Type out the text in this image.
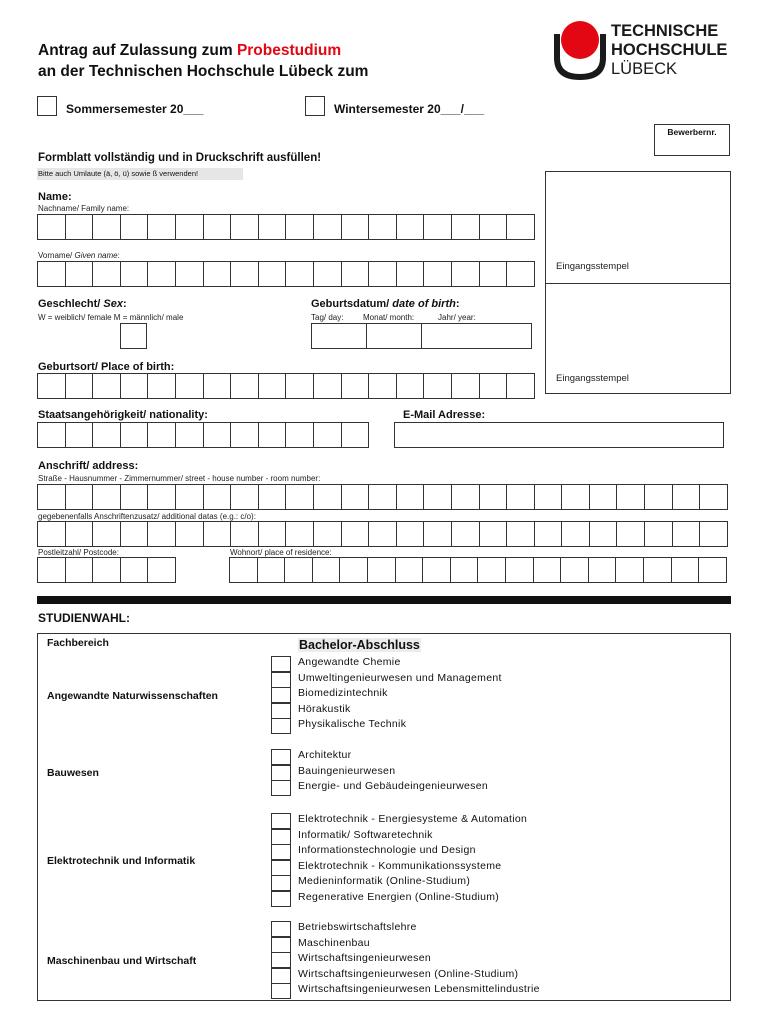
Antrag auf Zulassung zum Probestudium
an der Technischen Hochschule Lübeck zum
TECHNISCHE
HOCHSCHULE
LÜBECK
Sommersemester 20___	Wintersemester 20___/___
Bewerbernr.
Formblatt vollständig und in Druckschrift ausfüllen!
Bitte auch Umlaute (ä, ö, ü) sowie ß verwenden!
Eingangsstempel
Eingangsstempel
Name:
Nachname/ Family name:
Vorname/ Given name:
Geschlecht/ Sex:
W = weiblich/ female M = männlich/ male
Geburtsdatum/ date of birth:
Tag/ day: Monat/ month:	Jahr/ year:
Geburtsort/ Place of birth:
Staatsangehörigkeit/ nationality:	E-Mail Adresse:
Anschrift/ address:
Straße - Hausnummer - Zimmernummer/ street - house number - room number:
gegebenenfalls Anschriftenzusatz/ additional datas (e.g.: c/o):
Postleitzahl/ Postcode:	Wohnort/ place of residence:
STUDIENWAHL:
Fachbereich	Bachelor-Abschluss
Angewandte Naturwissenschaften
Angewandte Chemie
Umweltingenieurwesen und Management
Biomedizintechnik
Hörakustik
Physikalische Technik
Bauwesen
Architektur
Bauingenieurwesen
Energie- und Gebäudeingenieurwesen
Elektrotechnik und Informatik
Elektrotechnik - Energiesysteme & Automation
Informatik/ Softwaretechnik
Informationstechnologie und Design
Elektrotechnik - Kommunikationssysteme
Medieninformatik (Online-Studium)
Regenerative Energien (Online-Studium)
Maschinenbau und Wirtschaft
Betriebswirtschaftslehre
Maschinenbau
Wirtschaftsingenieurwesen
Wirtschaftsingenieurwesen (Online-Studium)
Wirtschaftsingenieurwesen Lebensmittelindustrie
